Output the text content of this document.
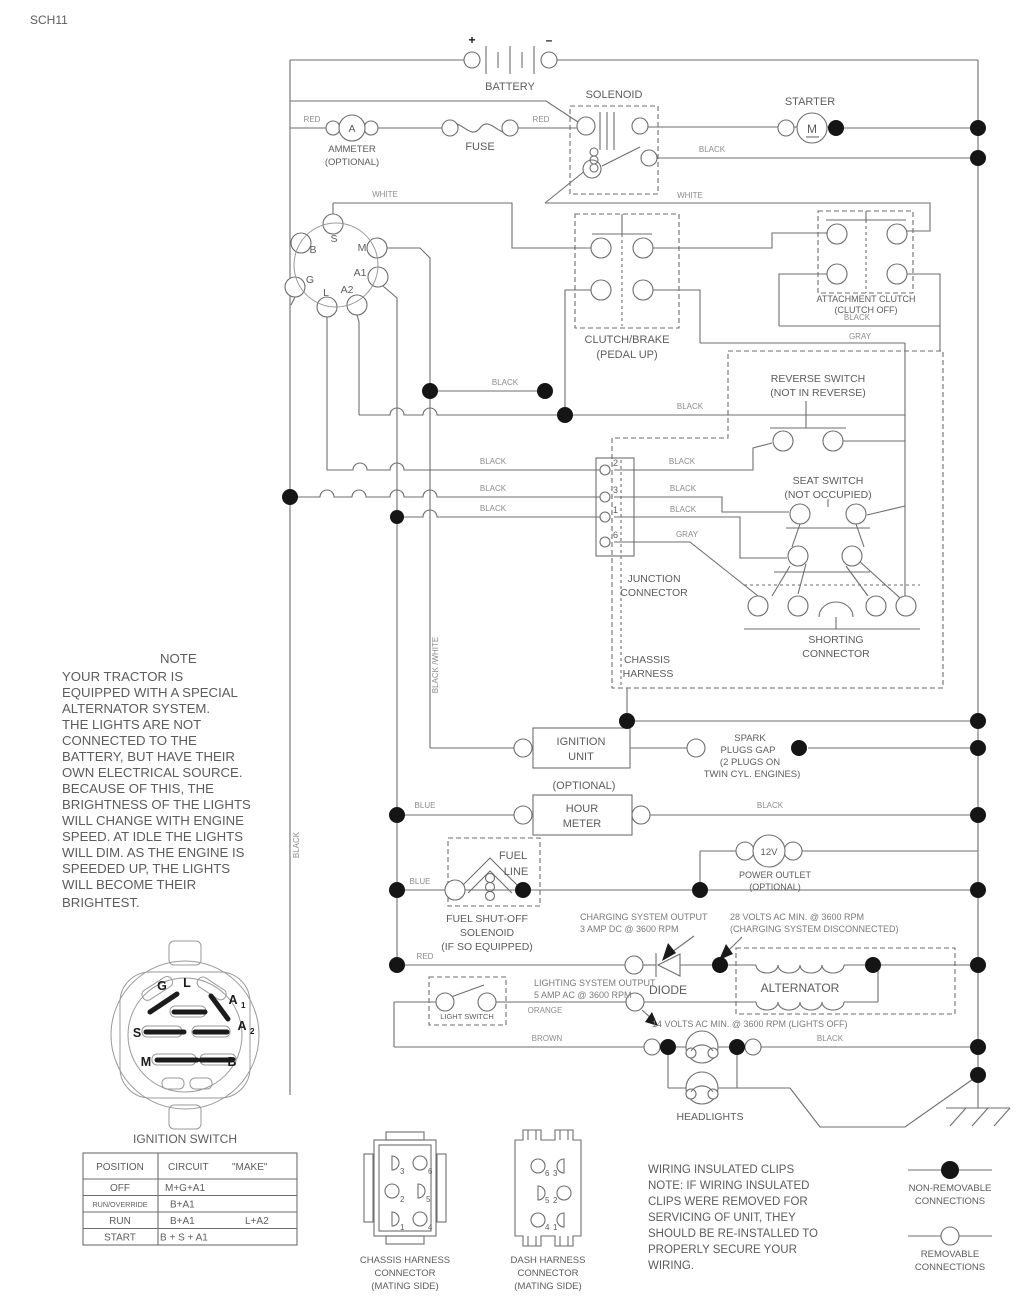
SCH11
+	–
BATTERY
SOLENOID
STARTER
M
A
AMMETER
(OPTIONAL)
FUSE
S
B	M
A1
G
L A2
CLUTCH/BRAKE
(PEDAL UP)
ATTACHMENT CLUTCH
(CLUTCH OFF)
REVERSE SWITCH
(NOT IN REVERSE)
SEAT SWITCH
(NOT OCCUPIED)
2
3
1
6
JUNCTION
CONNECTOR
CHASSIS
HARNESS
SHORTING
CONNECTOR
IGNITION
UNIT
SPARK
PLUGS GAP
(2 PLUGS ON
TWIN CYL. ENGINES)
(OPTIONAL)
HOUR
METER
FUEL
LINE
FUEL SHUT-OFF
SOLENOID
(IF SO EQUIPPED)
12V
POWER OUTLET
(OPTIONAL)
CHARGING SYSTEM OUTPUT
3 AMP DC @ 3600 RPM
28 VOLTS AC MIN. @ 3600 RPM
(CHARGING SYSTEM DISCONNECTED)
LIGHTING SYSTEM OUTPUT
5 AMP AC @ 3600 RPM
14 VOLTS AC MIN. @ 3600 RPM (LIGHTS OFF)
DIODE	ALTERNATOR
LIGHT SWITCH
HEADLIGHTS
RED	RED
RED
WHITE	WHITE
BLACK
BLACK
BLACK
BLACK
BLACK
BLACK
BLACK
BLACK
BLACK
BLACK
BLACK
BLACK
GRAY
GRAY
BLUE
BLUE
ORANGE
BROWN
BLACK
BLACK /WHITE
NOTE
YOUR TRACTOR IS
EQUIPPED WITH A SPECIAL
ALTERNATOR SYSTEM.
THE LIGHTS ARE NOT
CONNECTED TO THE
BATTERY, BUT HAVE THEIR
OWN ELECTRICAL SOURCE.
BECAUSE OF THIS, THE
BRIGHTNESS OF THE LIGHTS
WILL CHANGE WITH ENGINE
SPEED. AT IDLE THE LIGHTS
WILL DIM. AS THE ENGINE IS
SPEEDED UP, THE LIGHTS
WILL BECOME THEIR
BRIGHTEST.
G L
A 1
A 2
S
M	B
IGNITION SWITCH
POSITION CIRCUIT "MAKE"
OFF	M+G+A1
RUN/OVERRIDE B+A1
RUN	B+A1	L+A2
START B + S + A1
3	6
2	5
1	4
CHASSIS HARNESS
CONNECTOR
(MATING SIDE)
6 3
5 2
4 1
DASH HARNESS
CONNECTOR
(MATING SIDE)
WIRING INSULATED CLIPS
NOTE: IF WIRING INSULATED
CLIPS WERE REMOVED FOR
SERVICING OF UNIT, THEY
SHOULD BE RE-INSTALLED TO
PROPERLY SECURE YOUR
WIRING.
NON-REMOVABLE
CONNECTIONS
REMOVABLE
CONNECTIONS
